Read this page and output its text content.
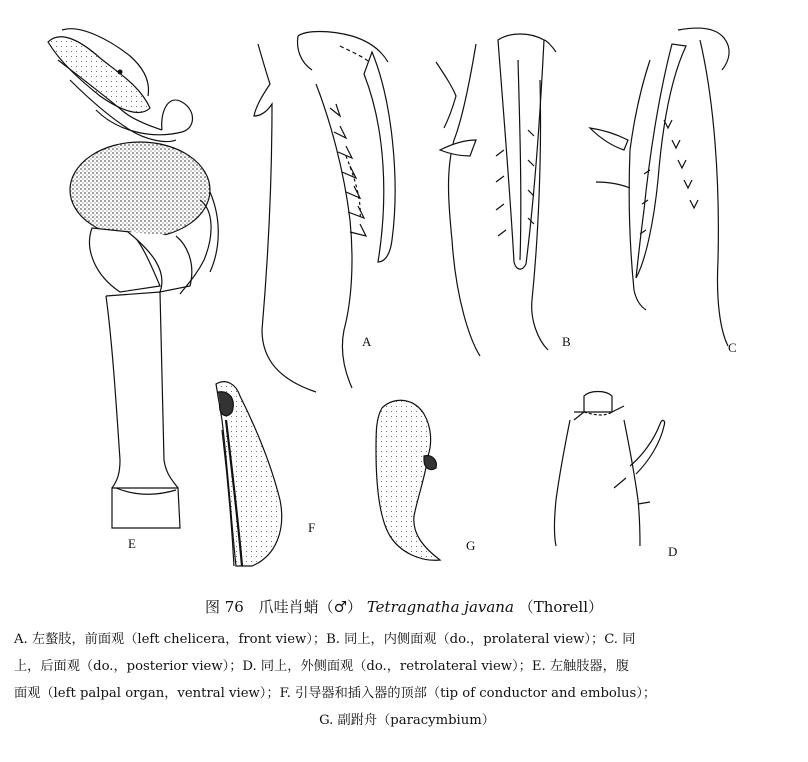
E
A	B	C
F
G	D
图 76 爪哇肖蛸（♂） Tetragnatha javana （Thorell）
A. 左螯肢，前面观（left chelicera，front view）；B. 同上，内侧面观（do.，prolateral view）；C. 同
上，后面观（do.，posterior view）；D. 同上，外侧面观（do.，retrolateral view）；E. 左触肢器，腹
面观（left palpal organ，ventral view）；F. 引导器和插入器的顶部（tip of conductor and embolus）；
G. 副跗舟（paracymbium）
